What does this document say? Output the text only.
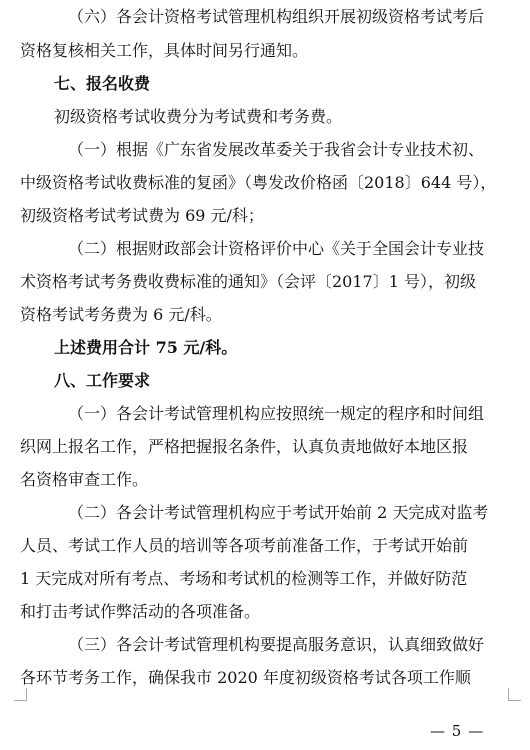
（六）各会计资格考试管理机构组织开展初级资格考试考后
资格复核相关工作，具体时间另行通知。
七、报名收费
初级资格考试收费分为考试费和考务费。
（一）根据《广东省发展改革委关于我省会计专业技术初、
中级资格考试收费标准的复函》（粤发改价格函〔2018〕644 号），
初级资格考试考试费为 69 元/科；
（二）根据财政部会计资格评价中心《关于全国会计专业技
术资格考试考务费收费标准的通知》（会评〔2017〕1 号），初级
资格考试考务费为 6 元/科。
上述费用合计 75 元/科。
八、工作要求
（一）各会计考试管理机构应按照统一规定的程序和时间组
织网上报名工作，严格把握报名条件，认真负责地做好本地区报
名资格审查工作。
（二）各会计考试管理机构应于考试开始前 2 天完成对监考
人员、考试工作人员的培训等各项考前准备工作，于考试开始前
1 天完成对所有考点、考场和考试机的检测等工作，并做好防范
和打击考试作弊活动的各项准备。
（三）各会计考试管理机构要提高服务意识，认真细致做好
各环节考务工作，确保我市 2020 年度初级资格考试各项工作顺
— 5 —
